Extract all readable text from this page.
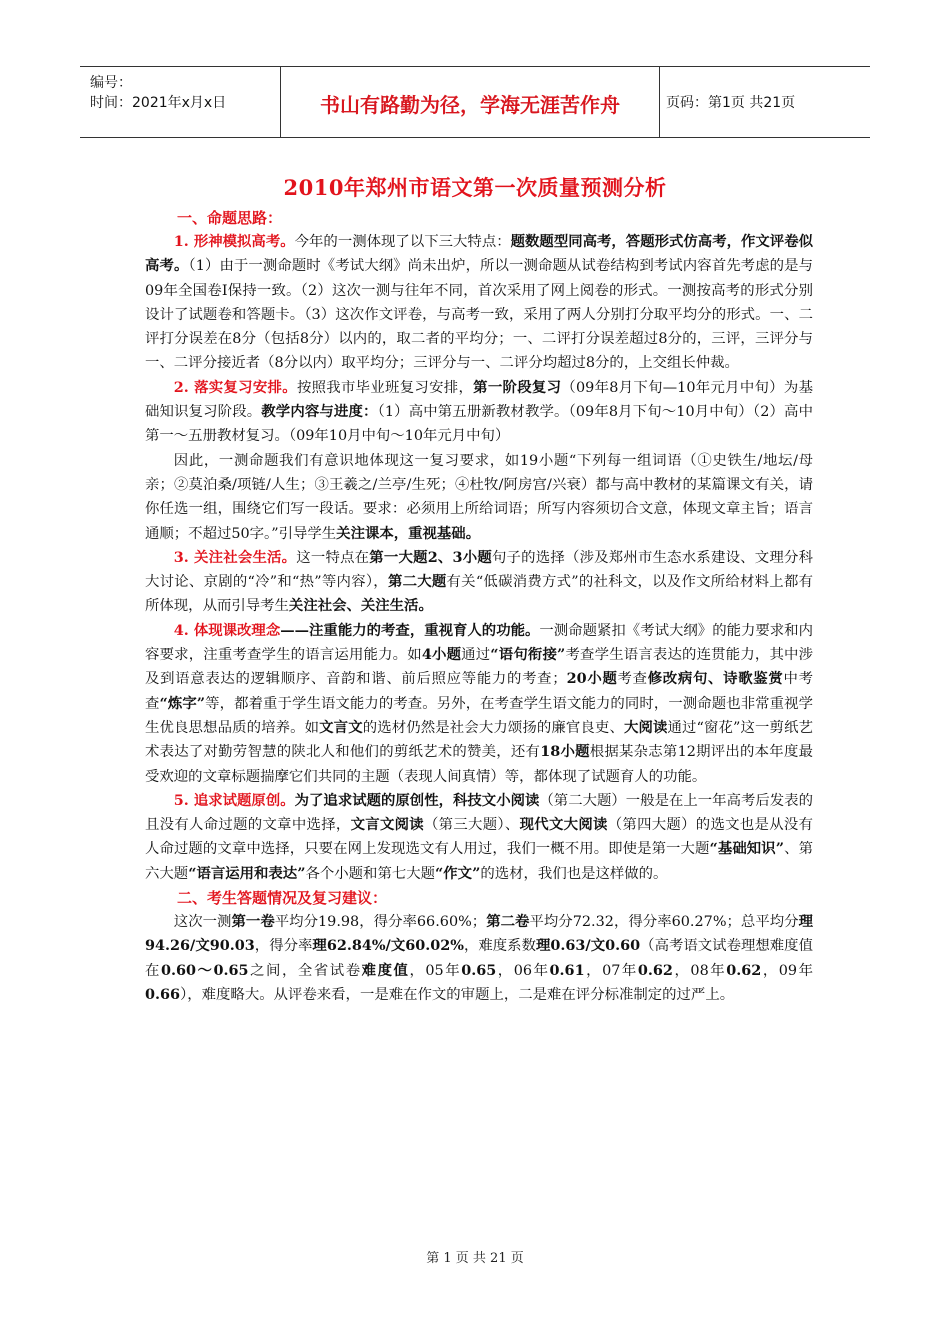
编号：
时间：2021年x月x日	书山有路勤为径，学海无涯苦作舟	页码：第1页 共21页
2010年郑州市语文第一次质量预测分析
一、命题思路：

1. 形神模拟高考。今年的一测体现了以下三大特点：题数题型同高考，答题形式仿高考，作文评卷似高考。（1）由于一测命题时《考试大纲》尚未出炉，所以一测命题从试卷结构到考试内容首先考虑的是与09年全国卷Ⅰ保持一致。（2）这次一测与往年不同，首次采用了网上阅卷的形式。一测按高考的形式分别设计了试题卷和答题卡。（3）这次作文评卷，与高考一致，采用了两人分别打分取平均分的形式。一、二评打分误差在8分（包括8分）以内的，取二者的平均分；一、二评打分误差超过8分的，三评，三评分与一、二评分接近者（8分以内）取平均分；三评分与一、二评分均超过8分的，上交组长仲裁。

2. 落实复习安排。按照我市毕业班复习安排，第一阶段复习（09年8月下旬—10年元月中旬）为基础知识复习阶段。教学内容与进度：（1）高中第五册新教材教学。（09年8月下旬～10月中旬）（2）高中第一～五册教材复习。（09年10月中旬～10年元月中旬）

因此，一测命题我们有意识地体现这一复习要求，如19小题“下列每一组词语（①史铁生/地坛/母亲；②莫泊桑/项链/人生；③王羲之/兰亭/生死；④杜牧/阿房宫/兴衰）都与高中教材的某篇课文有关，请你任选一组，围绕它们写一段话。要求：必须用上所给词语；所写内容须切合文意，体现文章主旨；语言通顺；不超过50字。”引导学生关注课本，重视基础。

3. 关注社会生活。这一特点在第一大题2、3小题句子的选择（涉及郑州市生态水系建设、文理分科大讨论、京剧的“冷”和“热”等内容），第二大题有关“低碳消费方式”的社科文，以及作文所给材料上都有所体现，从而引导考生关注社会、关注生活。

4. 体现课改理念——注重能力的考查，重视育人的功能。一测命题紧扣《考试大纲》的能力要求和内容要求，注重考查学生的语言运用能力。如4小题通过“语句衔接”考查学生语言表达的连贯能力，其中涉及到语意表达的逻辑顺序、音韵和谐、前后照应等能力的考查；20小题考查修改病句、诗歌鉴赏中考查“炼字”等，都着重于学生语文能力的考查。另外，在考查学生语文能力的同时，一测命题也非常重视学生优良思想品质的培养。如文言文的选材仍然是社会大力颂扬的廉官良吏、大阅读通过“窗花”这一剪纸艺术表达了对勤劳智慧的陕北人和他们的剪纸艺术的赞美，还有18小题根据某杂志第12期评出的本年度最受欢迎的文章标题揣摩它们共同的主题（表现人间真情）等，都体现了试题育人的功能。

5. 追求试题原创。为了追求试题的原创性，科技文小阅读（第二大题）一般是在上一年高考后发表的且没有人命过题的文章中选择，文言文阅读（第三大题）、现代文大阅读（第四大题）的选文也是从没有人命过题的文章中选择，只要在网上发现选文有人用过，我们一概不用。即使是第一大题“基础知识”、第六大题“语言运用和表达”各个小题和第七大题“作文”的选材，我们也是这样做的。

二、考生答题情况及复习建议：

这次一测第一卷平均分19.98，得分率66.60%；第二卷平均分72.32，得分率60.27%；总平均分理94.26/文90.03，得分率理62.84%/文60.02%，难度系数理0.63/文0.60（高考语文试卷理想难度值在0.60～0.65之间，全省试卷难度值，05年0.65，06年0.61，07年0.62，08年0.62，09年0.66），难度略大。从评卷来看，一是难在作文的审题上，二是难在评分标准制定的过严上。

第 1 页 共 21 页
